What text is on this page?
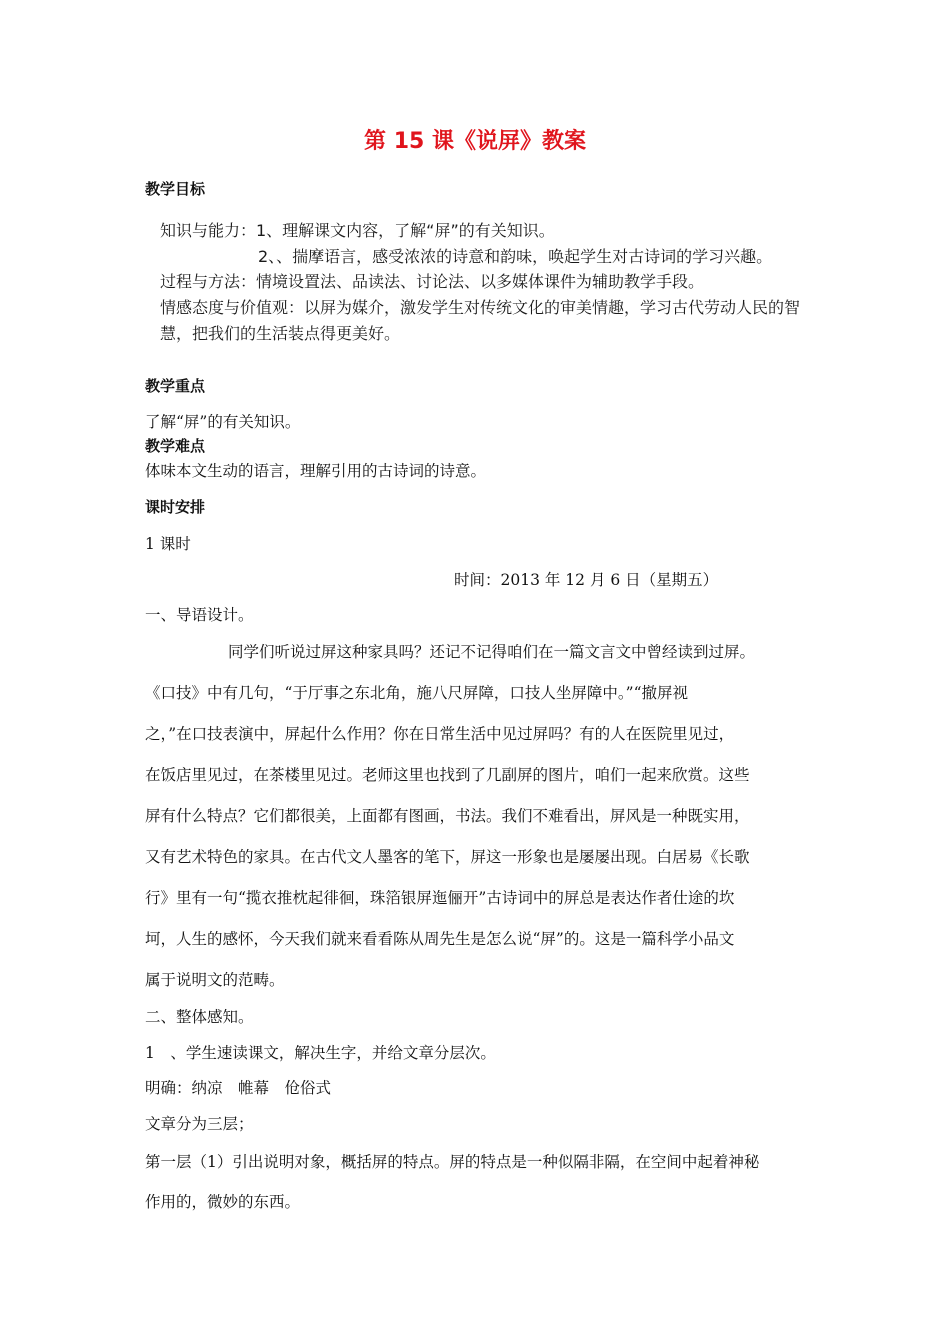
第 15 课《说屏》教案
教学目标
知识与能力：1、理解课文内容，了解“屏”的有关知识。
2、、揣摩语言，感受浓浓的诗意和韵味，唤起学生对古诗词的学习兴趣。
过程与方法：情境设置法、品读法、讨论法、以多媒体课件为辅助教学手段。
情感态度与价值观：以屏为媒介，激发学生对传统文化的审美情趣，学习古代劳动人民的智
慧，把我们的生活装点得更美好。
教学重点
了解“屏”的有关知识。
教学难点
体味本文生动的语言，理解引用的古诗词的诗意。
课时安排
1 课时
时间：2013 年 12 月 6 日（星期五）
一、导语设计。
同学们听说过屏这种家具吗？还记不记得咱们在一篇文言文中曾经读到过屏。
《口技》中有几句，“于厅事之东北角，施八尺屏障，口技人坐屏障中。”“撤屏视
之，”在口技表演中，屏起什么作用？你在日常生活中见过屏吗？有的人在医院里见过，
在饭店里见过，在茶楼里见过。老师这里也找到了几副屏的图片，咱们一起来欣赏。这些
屏有什么特点？它们都很美，上面都有图画，书法。我们不难看出，屏风是一种既实用，
又有艺术特色的家具。在古代文人墨客的笔下，屏这一形象也是屡屡出现。白居易《长歌
行》里有一句“揽衣推枕起徘徊，珠箔银屏迤俪开”古诗词中的屏总是表达作者仕途的坎
坷，人生的感怀，今天我们就来看看陈从周先生是怎么说“屏”的。这是一篇科学小品文
属于说明文的范畴。
二、整体感知。
1　、学生速读课文，解决生字，并给文章分层次。
明确：纳凉　帷幕　伧俗式
文章分为三层；
第一层（1）引出说明对象，概括屏的特点。屏的特点是一种似隔非隔，在空间中起着神秘
作用的，微妙的东西。
